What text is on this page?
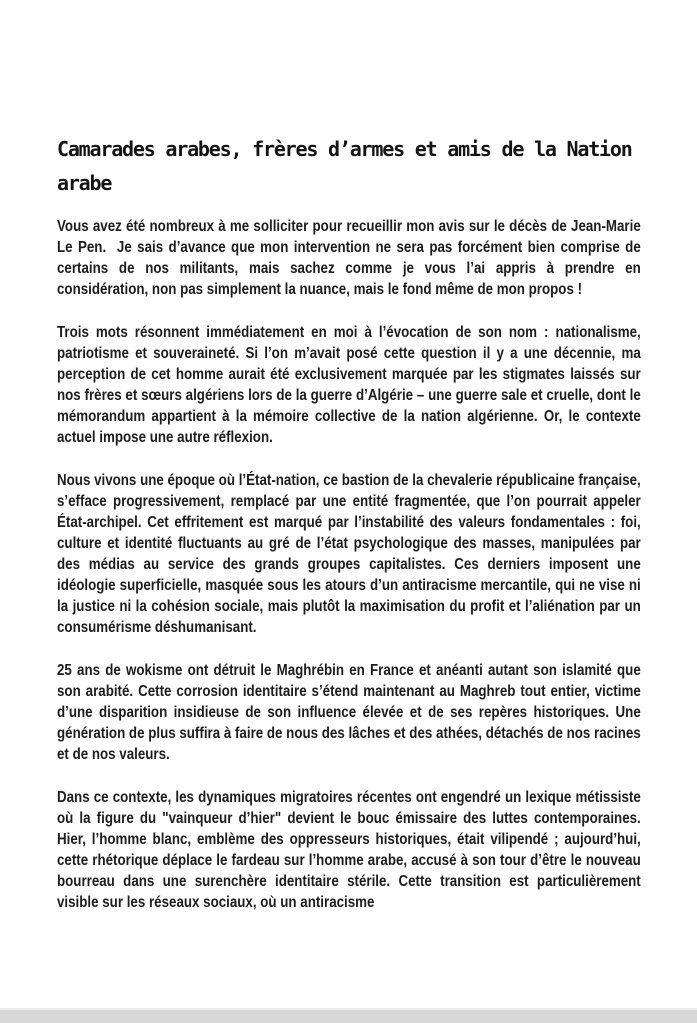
Camarades arabes, frères d’armes et amis de la Nation arabe

Vous avez été nombreux à me solliciter pour recueillir mon avis sur le décès de Jean-Marie Le Pen.  Je sais d’avance que mon intervention ne sera pas forcément bien comprise de certains de nos militants, mais sachez comme je vous l’ai appris à prendre en considération, non pas simplement la nuance, mais le fond même de mon propos !

Trois mots résonnent immédiatement en moi à l’évocation de son nom : nationalisme, patriotisme et souveraineté. Si l’on m’avait posé cette question il y a une décennie, ma perception de cet homme aurait été exclusivement marquée par les stigmates laissés sur nos frères et sœurs algériens lors de la guerre d’Algérie – une guerre sale et cruelle, dont le mémorandum appartient à la mémoire collective de la nation algérienne. Or, le contexte actuel impose une autre réflexion.

Nous vivons une époque où l’État-nation, ce bastion de la chevalerie républicaine française, s’efface progressivement, remplacé par une entité fragmentée, que l’on pourrait appeler État-archipel. Cet effritement est marqué par l’instabilité des valeurs fondamentales : foi, culture et identité fluctuants au gré de l’état psychologique des masses, manipulées par des médias au service des grands groupes capitalistes. Ces derniers imposent une idéologie superficielle, masquée sous les atours d’un antiracisme mercantile, qui ne vise ni la justice ni la cohésion sociale, mais plutôt la maximisation du profit et l’aliénation par un consumérisme déshumanisant.

25 ans de wokisme ont détruit le Maghrébin en France et anéanti autant son islamité que son arabité. Cette corrosion identitaire s’étend maintenant au Maghreb tout entier, victime d’une disparition insidieuse de son influence élevée et de ses repères historiques. Une génération de plus suffira à faire de nous des lâches et des athées, détachés de nos racines et de nos valeurs.

Dans ce contexte, les dynamiques migratoires récentes ont engendré un lexique métissiste où la figure du "vainqueur d’hier" devient le bouc émissaire des luttes contemporaines. Hier, l’homme blanc, emblème des oppresseurs historiques, était vilipendé ; aujourd’hui, cette rhétorique déplace le fardeau sur l’homme arabe, accusé à son tour d’être le nouveau bourreau dans une surenchère identitaire stérile. Cette transition est particulièrement visible sur les réseaux sociaux, où un antiracisme
